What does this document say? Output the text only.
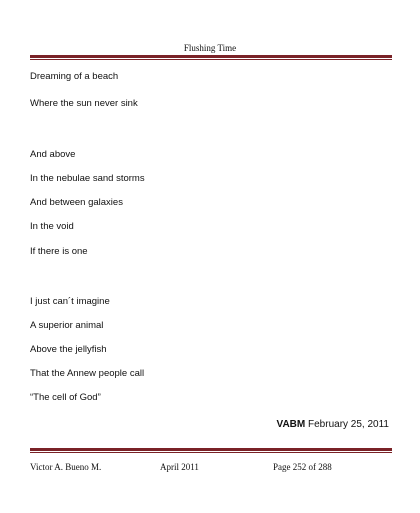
Flushing Time
Dreaming of a beach
Where the sun never sink
And above
In the nebulae sand storms
And between galaxies
In the void
If there is one
I just can´t imagine
A superior animal
Above the jellyfish
That the Annew people call
“The cell of God”
VABM February 25, 2011
Victor A. Bueno M.	April 2011	Page 252 of 288
